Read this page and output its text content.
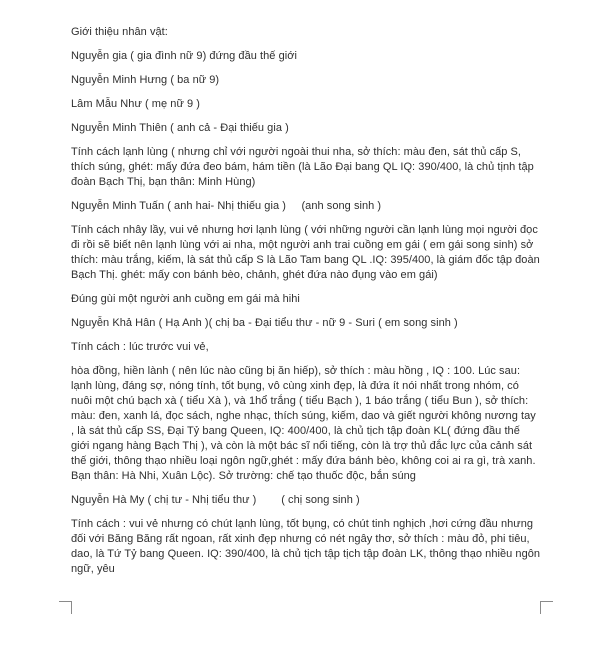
Giới thiệu nhân vật:

Nguyễn gia ( gia đình nữ 9) đứng đầu thế giới

Nguyễn Minh Hưng ( ba nữ 9)

Lâm Mẫu Như ( mẹ nữ 9 )

Nguyễn Minh Thiên ( anh cả - Đại thiếu gia )

Tính cách lạnh lùng ( nhưng chỉ với người ngoài thui nha, sở thích: màu đen, sát thủ cấp S, thích súng, ghét: mấy đứa đeo bám, hám tiền (là Lão Đại bang QL IQ: 390/400, là chủ tịnh tập đoàn Bạch Thị, bạn thân: Minh Hùng)

Nguyễn Minh Tuấn ( anh hai- Nhị thiếu gia )     (anh song sinh )

Tính cách nhây lầy, vui vẻ nhưng hơi lạnh lùng ( với những người cần lạnh lùng mọi người đọc đi rồi sẽ biết nên lạnh lùng với ai nha, một người anh trai cuồng em gái ( em gái song sinh) sở thích: màu trắng, kiếm, là sát thủ cấp S là Lão Tam bang QL .IQ: 395/400, là giám đốc tập đoàn Bạch Thị. ghét: mấy con bánh bèo, chảnh, ghét đứa nào đụng vào em gái)

Đúng gùi một người anh cuồng em gái mà hihi

Nguyễn Khả Hân ( Hạ Anh )( chị ba - Đại tiểu thư - nữ 9 - Suri ( em song sinh )

Tính cách : lúc trước vui vẻ,

hòa đồng, hiền lành ( nên lúc nào cũng bị ăn hiếp), sở thích : màu hồng , IQ : 100. Lúc sau: lạnh lùng, đáng sợ, nóng tính, tốt bụng, vô cùng xinh đẹp, là đứa ít nói nhất trong nhóm, có nuôi một chú bạch xà ( tiểu Xà ), và 1hổ trắng ( tiểu Bạch ), 1 báo trắng ( tiểu Bun ), sở thích: màu: đen, xanh lá, đọc sách, nghe nhạc, thích súng, kiếm, dao và giết người không nương tay , là sát thủ cấp SS, Đại Tỷ bang Queen, IQ: 400/400, là chủ tịch tập đoàn KL( đứng đầu thế giới ngang hàng Bạch Thị ), và còn là một bác sĩ nổi tiếng, còn là trợ thủ đắc lực của cảnh sát thế giới, thông thạo nhiều loại ngôn ngữ,ghét : mấy đứa bánh bèo, không coi ai ra gì, trà xanh. Bạn thân: Hà Nhi, Xuân Lộc). Sở trường: chế tạo thuốc độc, bắn súng

Nguyễn Hà My ( chị tư - Nhị tiểu thư )        ( chị song sinh )

Tính cách : vui vẻ nhưng có chút lạnh lùng, tốt bụng, có chút tinh nghịch ,hơi cứng đầu nhưng đối với Băng Băng rất ngoan, rất xinh đẹp nhưng có nét ngây thơ, sở thích : màu đỏ, phi tiêu, dao, là Tứ Tỷ bang Queen. IQ: 390/400, là chủ tịch tập tịch tập đoàn LK, thông thạo nhiều ngôn ngữ, yêu
